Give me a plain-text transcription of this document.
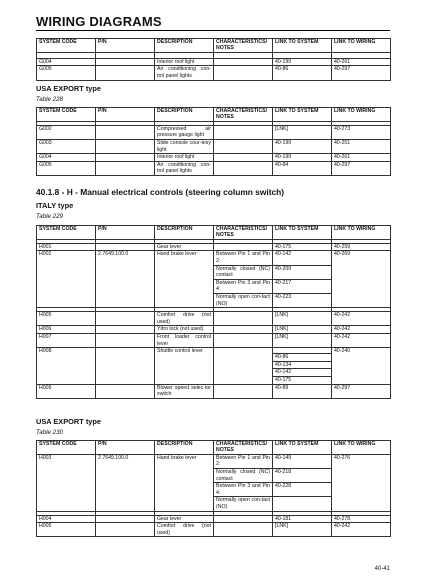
WIRING DIAGRAMS
SYSTEM CODE	P/N	DESCRIPTION	CHARACTERISTICS/ NOTES	LINK TO SYSTEM	LINK TO WIRING

G004		Interior roof light		40-199	40-261
G005		Air conditioning con-trol panel lights		40-86	40-297
USA EXPORT type
Table 228
SYSTEM CODE	P/N	DESCRIPTION	CHARACTERISTICS/ NOTES	LINK TO SYSTEM	LINK TO WIRING

G002		Compressed air pressure gauge light		[LNK]	40-273
G003		Slide console cour-tesy light		40-199	40-251
G004		Interior roof light		40-199	40-261
G005		Air conditioning con-trol panel lights		40-84	40-297
40.1.8 - H - Manual electrical controls (steering column switch)
ITALY type
Table 229
SYSTEM CODE	P/N	DESCRIPTION	CHARACTERISTICS/ NOTES	LINK TO SYSTEM	LINK TO WIRING

H001		Gear lever		40-175	40-259
H002	2.7649.100.0	Hand brake lever	Between Pin 1 and Pin 2:	40-142	40-269
			Normally closed (NC) contact	40-209	
			Between Pin 3 and Pin 4:	40-217	
			Normally open con-tact (NO)	40-223	

H005		Comfort drive (not used)		[LNK]	40-242
H006		Ydro lock (not used)		[LNK]	40-242
H007		Front loader control lever		[LNK]	40-242
H008		Shuttle control lever			40-240
				40-86	
				40-134	
				40-142	
				40-175	
H009		Blower speed selec-tor switch		40-89	40-297
USA EXPORT type
Table 230
SYSTEM CODE	P/N	DESCRIPTION	CHARACTERISTICS/ NOTES	LINK TO SYSTEM	LINK TO WIRING
H003	2.7649.100.0	Hand brake lever	Between Pin 1 and Pin 2:	40-149	40-276
			Normally closed (NC) contact	40-218	
			Between Pin 3 and Pin 4:	40-228	
			Normally open con-tact (NO)		

H004		Gear lever		40-181	40-278
H005		Comfort drive (not used)		[LNK]	40-242
40-41
